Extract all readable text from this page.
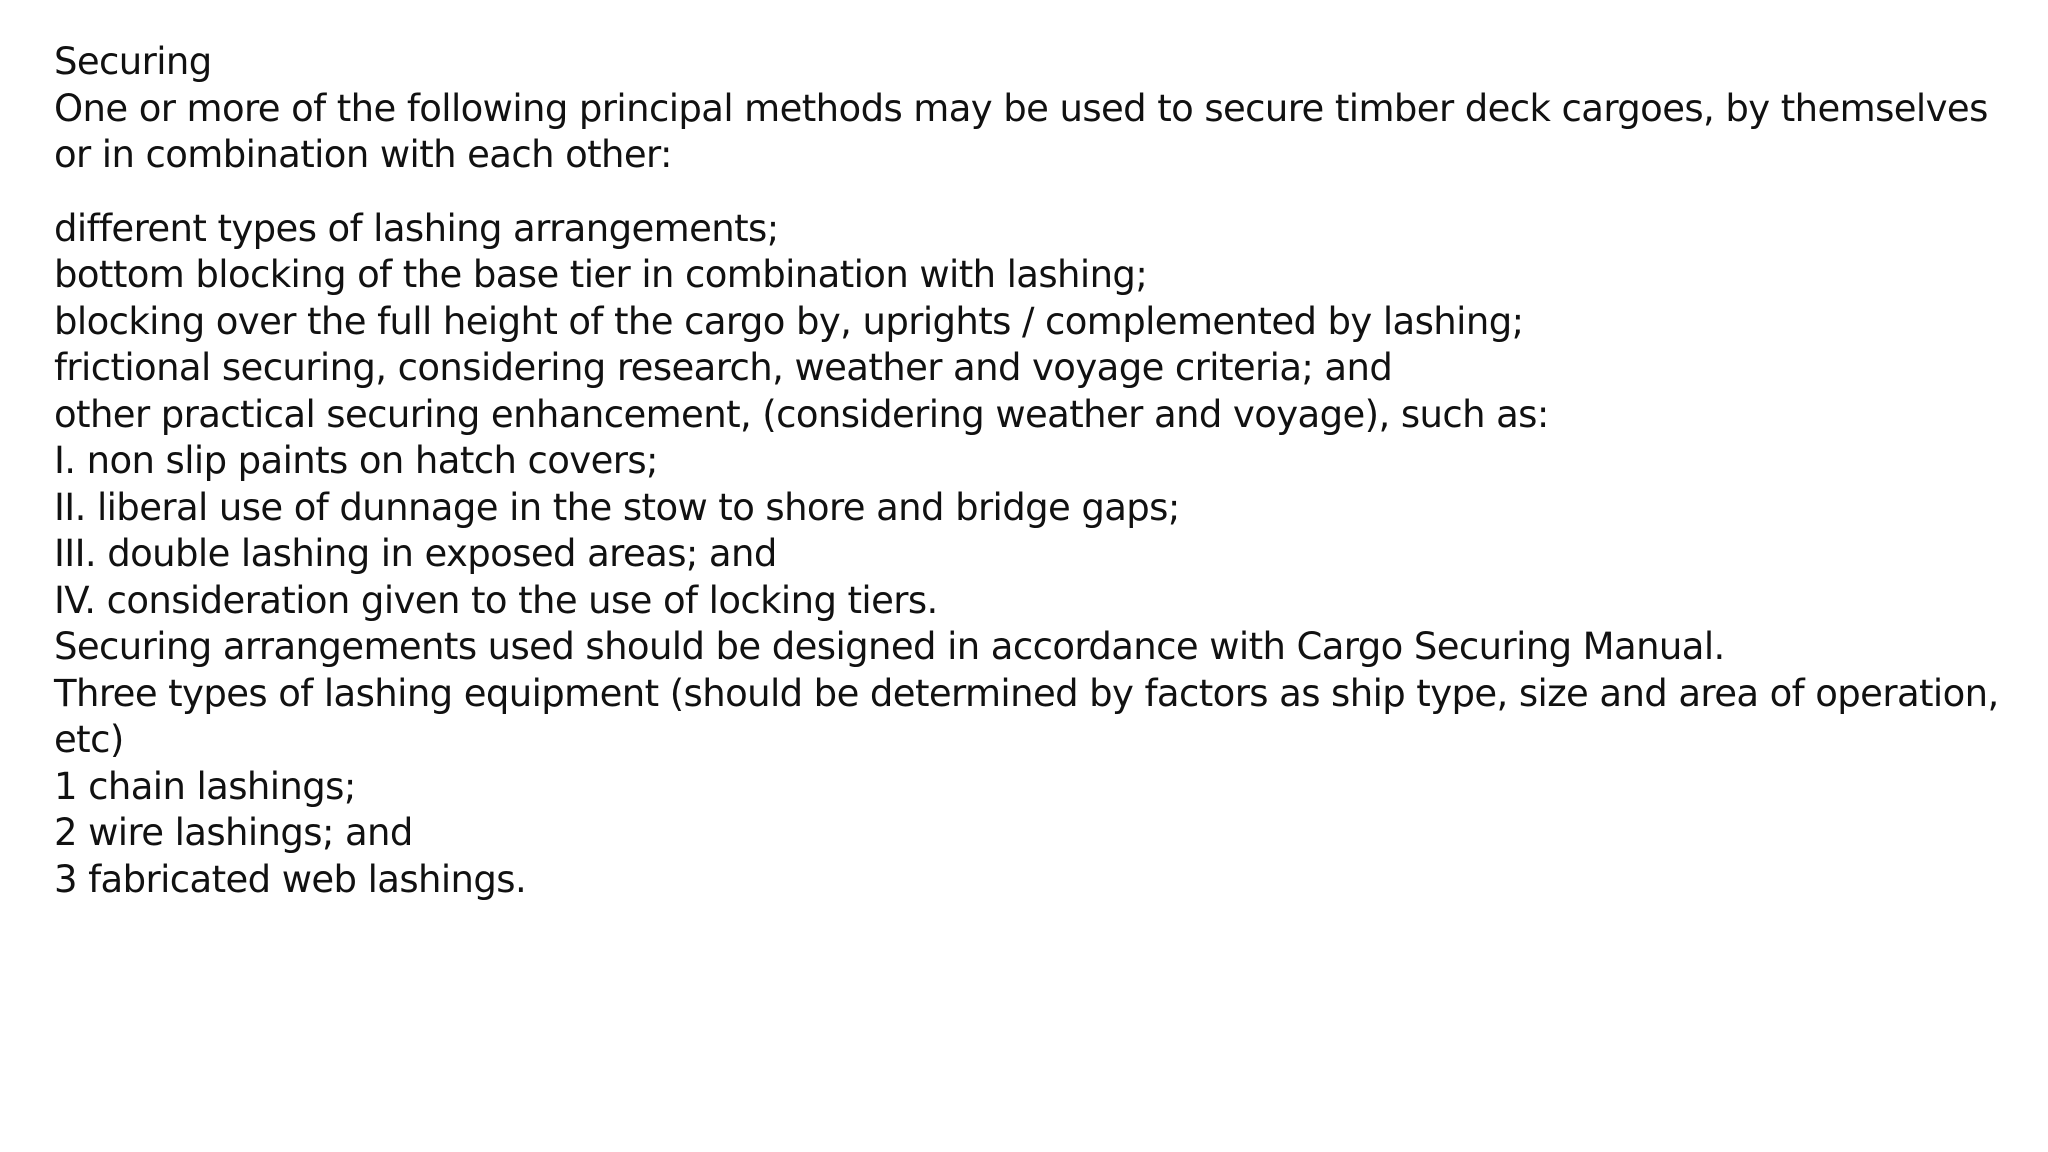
Securing
One or more of the following principal methods may be used to secure timber deck cargoes, by themselves or in combination with each other:
different types of lashing arrangements;
bottom blocking of the base tier in combination with lashing;
blocking over the full height of the cargo by, uprights / complemented by lashing;
frictional securing, considering research, weather and voyage criteria; and
other practical securing enhancement, (considering weather and voyage), such as:
I. non slip paints on hatch covers;
II. liberal use of dunnage in the stow to shore and bridge gaps;
III. double lashing in exposed areas; and
IV. consideration given to the use of locking tiers.
Securing arrangements used should be designed in accordance with Cargo Securing Manual.
Three types of lashing equipment (should be determined by factors as ship type, size and area of operation, etc)
1 chain lashings;
2 wire lashings; and
3 fabricated web lashings.
